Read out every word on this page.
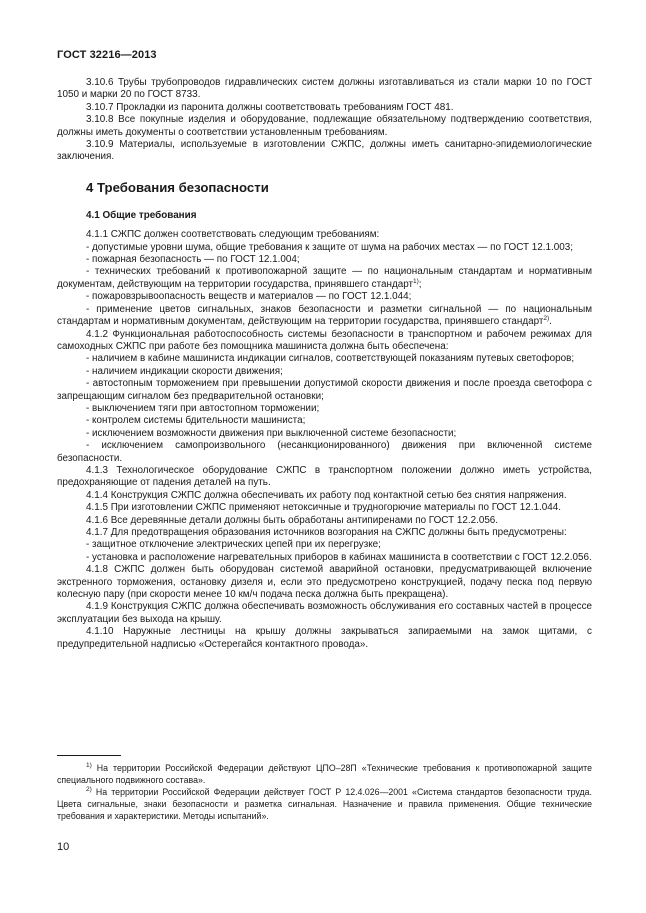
ГОСТ 32216—2013

3.10.6 Трубы трубопроводов гидравлических систем должны изготавливаться из стали марки 10 по ГОСТ 1050 и марки 20 по ГОСТ 8733.

3.10.7 Прокладки из паронита должны соответствовать требованиям ГОСТ 481.

3.10.8 Все покупные изделия и оборудование, подлежащие обязательному подтверждению соответствия, должны иметь документы о соответствии установленным требованиям.

3.10.9 Материалы, используемые в изготовлении СЖПС, должны иметь санитарно-эпидемиологические заключения.

4 Требования безопасности

4.1 Общие требования

4.1.1 СЖПС должен соответствовать следующим требованиям:

- допустимые уровни шума, общие требования к защите от шума на рабочих местах — по ГОСТ 12.1.003;

- пожарная безопасность — по ГОСТ 12.1.004;

- технических требований к противопожарной защите — по национальным стандартам и нормативным документам, действующим на территории государства, принявшего стандарт$^{1)}$;

- пожаровзрывоопасность веществ и материалов — по ГОСТ 12.1.044;

- применение цветов сигнальных, знаков безопасности и разметки сигнальной — по национальным стандартам и нормативным документам, действующим на территории государства, принявшего стандарт$^{2)}$.

4.1.2 Функциональная работоспособность системы безопасности в транспортном и рабочем режимах для самоходных СЖПС при работе без помощника машиниста должна быть обеспечена:

- наличием в кабине машиниста индикации сигналов, соответствующей показаниям путевых светофоров;

- наличием индикации скорости движения;

- автостопным торможением при превышении допустимой скорости движения и после проезда светофора с запрещающим сигналом без предварительной остановки;

- выключением тяги при автостопном торможении;

- контролем системы бдительности машиниста;

- исключением возможности движения при выключенной системе безопасности;

- исключением самопроизвольного (несанкционированного) движения при включенной системе безопасности.

4.1.3 Технологическое оборудование СЖПС в транспортном положении должно иметь устройства, предохраняющие от падения деталей на путь.

4.1.4 Конструкция СЖПС должна обеспечивать их работу под контактной сетью без снятия напряжения.

4.1.5 При изготовлении СЖПС применяют нетоксичные и трудногорючие материалы по ГОСТ 12.1.044.

4.1.6 Все деревянные детали должны быть обработаны антипиренами по ГОСТ 12.2.056.

4.1.7 Для предотвращения образования источников возгорания на СЖПС должны быть предусмотрены:

- защитное отключение электрических цепей при их перегрузке;

- установка и расположение нагревательных приборов в кабинах машиниста в соответствии с ГОСТ 12.2.056.

4.1.8 СЖПС должен быть оборудован системой аварийной остановки, предусматривающей включение экстренного торможения, остановку дизеля и, если это предусмотрено конструкцией, подачу песка под первую колесную пару (при скорости менее 10 км/ч подача песка должна быть прекращена).

4.1.9 Конструкция СЖПС должна обеспечивать возможность обслуживания его составных частей в процессе эксплуатации без выхода на крышу.

4.1.10 Наружные лестницы на крышу должны закрываться запираемыми на замок щитами, с предупредительной надписью «Остерегайся контактного провода».

$^{1)}$ На территории Российской Федерации действуют ЦПО–28П «Технические требования к противопожарной защите специального подвижного состава».

$^{2)}$ На территории Российской Федерации действует ГОСТ Р 12.4.026—2001 «Система стандартов безопасности труда. Цвета сигнальные, знаки безопасности и разметка сигнальная. Назначение и правила применения. Общие технические требования и характеристики. Методы испытаний».

10
